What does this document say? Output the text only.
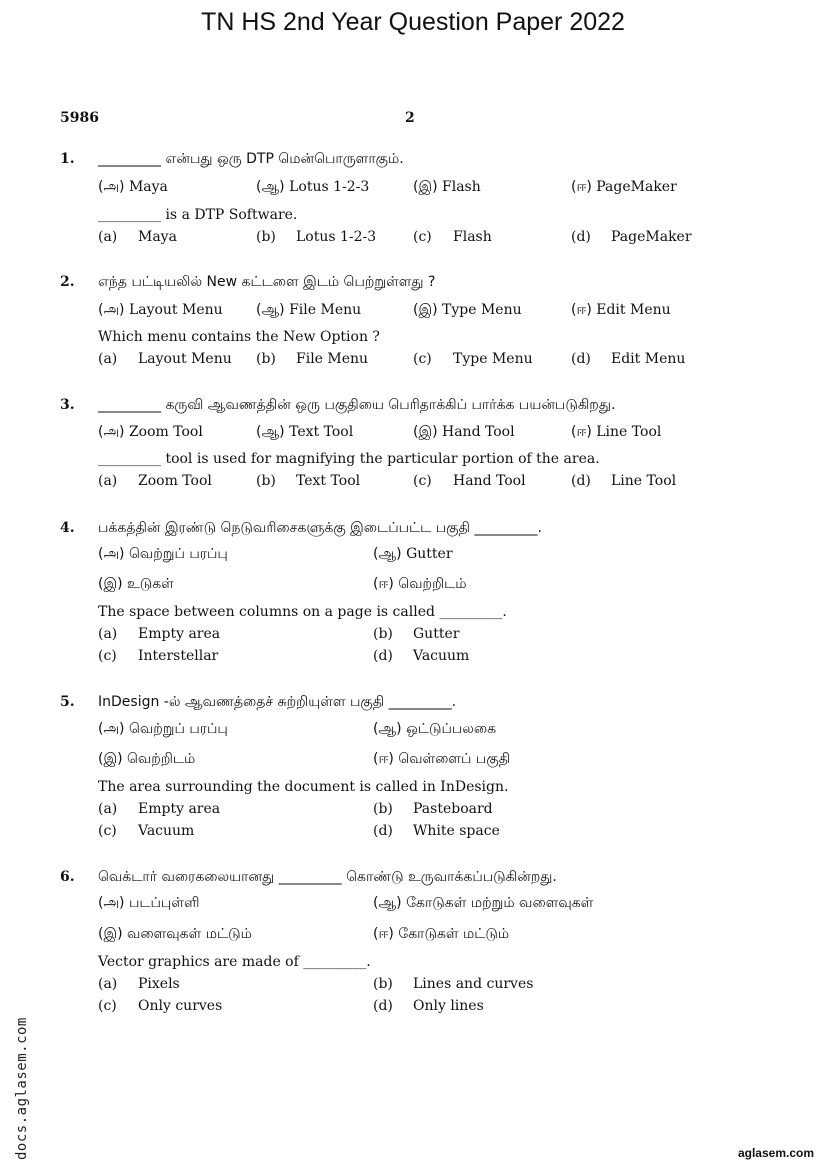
TN HS 2nd Year Question Paper 2022
5986	2
1. _________ என்பது ஒரு DTP மென்பொருளாகும்.
(அ) Maya	(ஆ) Lotus 1-2-3	(இ) Flash	(ஈ) PageMaker
_________ is a DTP Software.
(a) Maya	(b) Lotus 1-2-3	(c) Flash	(d) PageMaker
2. எந்த பட்டியலில் New கட்டளை இடம் பெற்றுள்ளது ?
(அ) Layout Menu (ஆ) File Menu	(இ) Type Menu	(ஈ) Edit Menu
Which menu contains the New Option ?
(a) Layout Menu (b) File Menu	(c) Type Menu	(d) Edit Menu
3. _________ கருவி ஆவணத்தின் ஒரு பகுதியை பெரிதாக்கிப் பார்க்க பயன்படுகிறது.
(அ) Zoom Tool	(ஆ) Text Tool	(இ) Hand Tool	(ஈ) Line Tool
_________ tool is used for magnifying the particular portion of the area.
(a) Zoom Tool	(b) Text Tool	(c) Hand Tool	(d) Line Tool
4. பக்கத்தின் இரண்டு நெடுவரிசைகளுக்கு இடைப்பட்ட பகுதி _________.
(அ) வெற்றுப் பரப்பு	(ஆ) Gutter
(இ) உடுகள்	(ஈ) வெற்றிடம்
The space between columns on a page is called _________.
(a) Empty area	(b) Gutter
(c) Interstellar	(d) Vacuum
5. InDesign -ல் ஆவணத்தைச் சுற்றியுள்ள பகுதி _________.
(அ) வெற்றுப் பரப்பு	(ஆ) ஒட்டுப்பலகை
(இ) வெற்றிடம்	(ஈ) வெள்ளைப் பகுதி
The area surrounding the document is called in InDesign.
(a) Empty area	(b) Pasteboard
(c) Vacuum	(d) White space
6. வெக்டார் வரைகலையானது _________ கொண்டு உருவாக்கப்படுகின்றது.
(அ) படப்புள்ளி	(ஆ) கோடுகள் மற்றும் வளைவுகள்
(இ) வளைவுகள் மட்டும்	(ஈ) கோடுகள் மட்டும்
Vector graphics are made of _________.
(a) Pixels	(b) Lines and curves
(c) Only curves	(d) Only lines
docs.aglasem.com	aglasem.com
